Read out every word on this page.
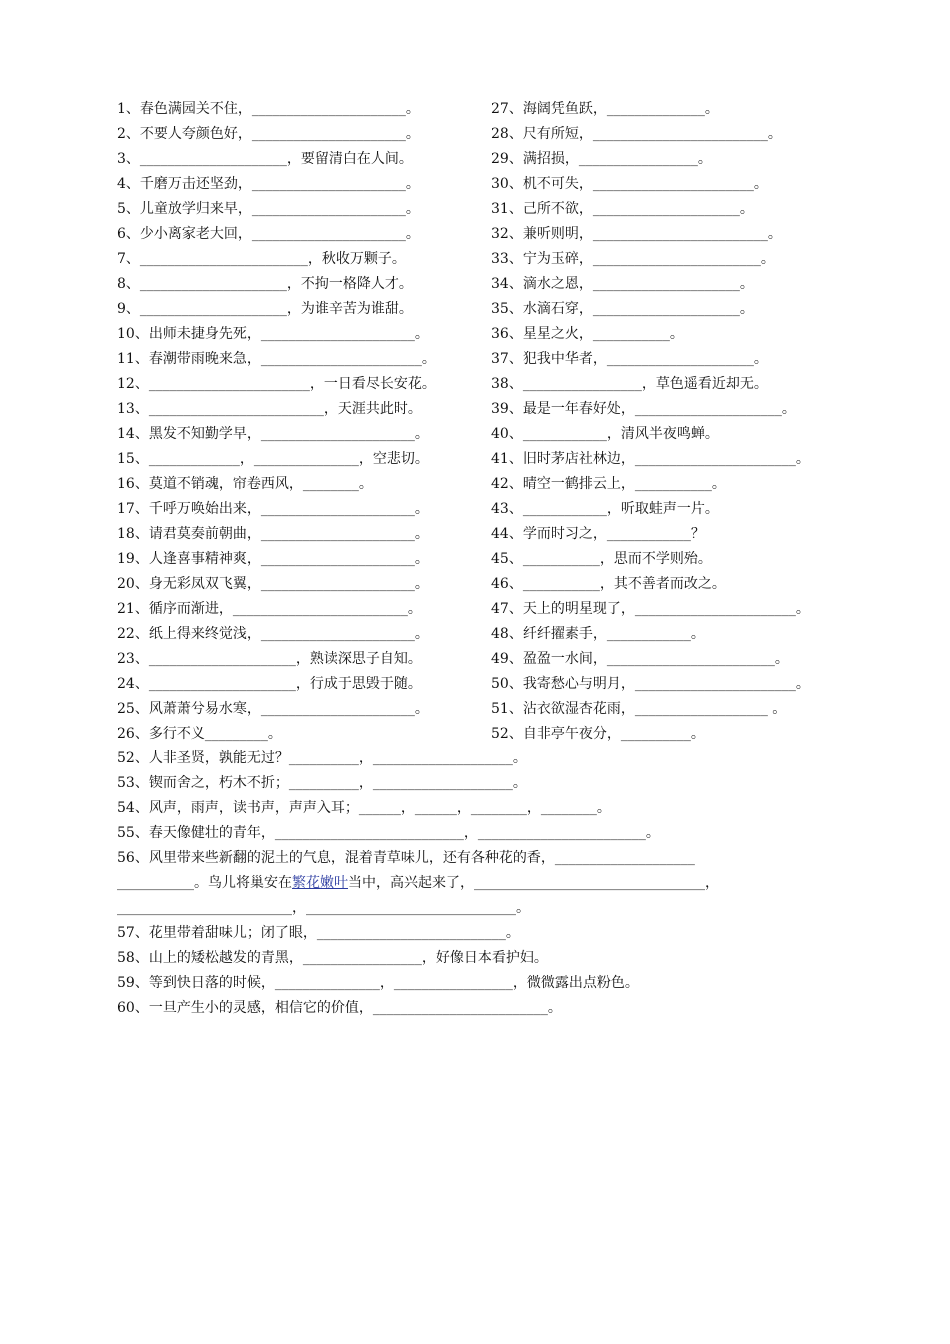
1、春色满园关不住，______________________。
2、不要人夸颜色好，______________________。
3、_____________________，要留清白在人间。
4、千磨万击还坚劲，______________________。
5、儿童放学归来早，______________________。
6、少小离家老大回，______________________。
7、________________________，秋收万颗子。
8、_____________________，不拘一格降人才。
9、_____________________，为谁辛苦为谁甜。
10、出师未捷身先死，______________________。
11、春潮带雨晚来急，_______________________。
12、_______________________，一日看尽长安花。
13、_________________________，天涯共此时。
14、黑发不知勤学早，______________________。
15、_____________，_______________，空悲切。
16、莫道不销魂，帘卷西风，________。
17、千呼万唤始出来，______________________。
18、请君莫奏前朝曲，______________________。
19、人逢喜事精神爽，______________________。
20、身无彩凤双飞翼，______________________。
21、循序而渐进，_________________________。
22、纸上得来终觉浅，______________________。
23、_____________________，熟读深思子自知。
24、_____________________，行成于思毁于随。
25、风萧萧兮易水寒，______________________。
26、多行不义_________。
27、海阔凭鱼跃，______________。
28、尺有所短，_________________________。
29、满招损，_________________。
30、机不可失，_______________________。
31、己所不欲，_____________________。
32、兼听则明，_________________________。
33、宁为玉碎，________________________。
34、滴水之恩，_____________________。
35、水滴石穿，_____________________。
36、星星之火，___________。
37、犯我中华者，_____________________。
38、_________________，草色遥看近却无。
39、最是一年春好处，_____________________。
40、____________，清风半夜鸣蝉。
41、旧时茅店社林边，_______________________。
42、晴空一鹤排云上，___________。
43、____________，听取蛙声一片。
44、学而时习之，____________？
45、___________，思而不学则殆。
46、___________，其不善者而改之。
47、天上的明星现了，_______________________。
48、纤纤擢素手，____________。
49、盈盈一水间，________________________。
50、我寄愁心与明月，_______________________。
51、沾衣欲湿杏花雨，___________________ 。
52、自非亭午夜分，__________。
52、人非圣贤，孰能无过？__________，____________________。
53、锲而舍之，朽木不折；__________，____________________。
54、风声，雨声，读书声，声声入耳；______，______，________，________。
55、春天像健壮的青年，___________________________，________________________。
56、风里带来些新翻的泥土的气息，混着青草味儿，还有各种花的香，____________________
___________。鸟儿将巢安在繁花嫩叶当中，高兴起来了，_________________________________，
_________________________，______________________________。
57、花里带着甜味儿；闭了眼，___________________________。
58、山上的矮松越发的青黑，_________________，好像日本看护妇。
59、等到快日落的时候，_______________，_________________，微微露出点粉色。
60、一旦产生小的灵感，相信它的价值，_________________________。
